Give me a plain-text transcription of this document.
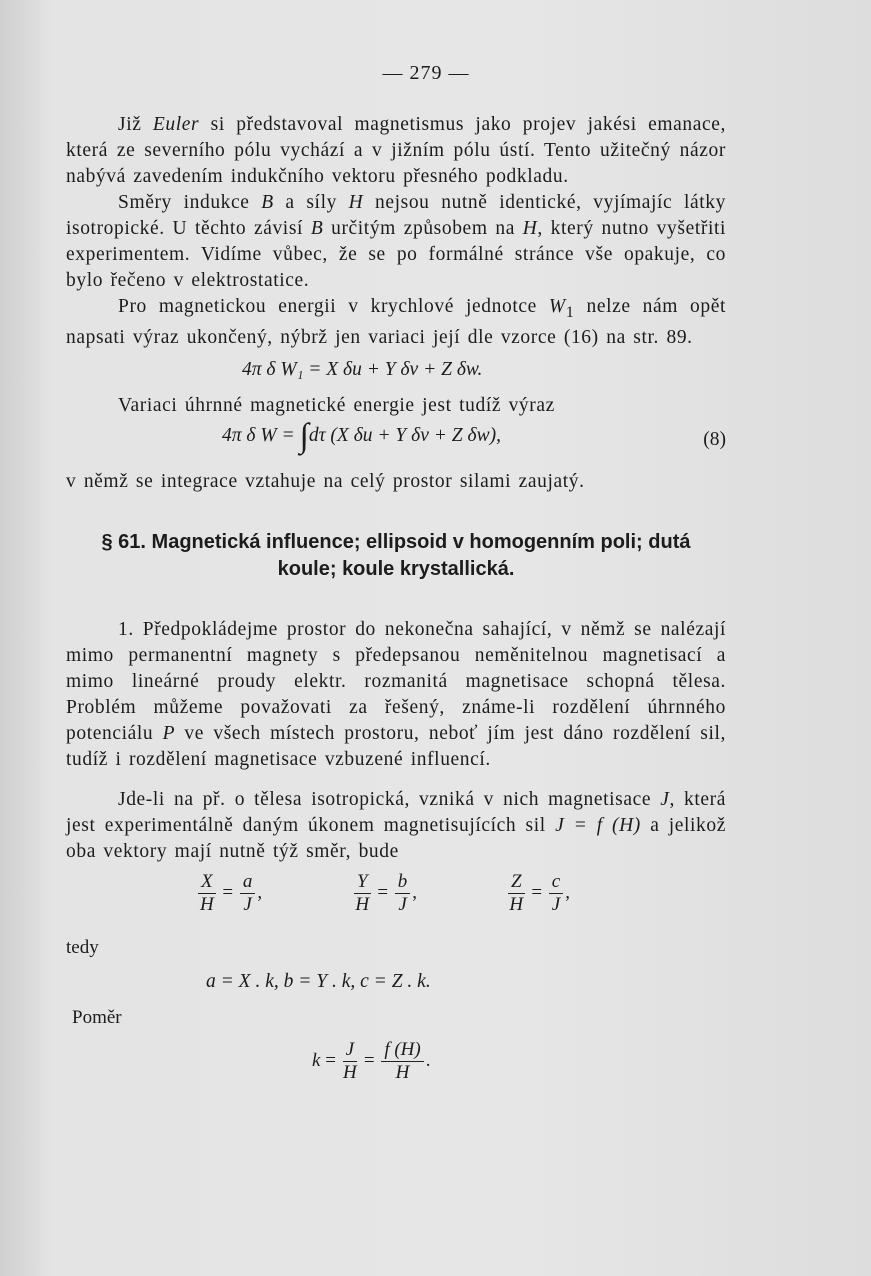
— 279 —

Již Euler si představoval magnetismus jako projev jakési emanace, která ze severního pólu vychází a v jižním pólu ústí. Tento užitečný názor nabývá zavedením indukčního vektoru přesného podkladu.

Směry indukce B a síly H nejsou nutně identické, vyjímajíc látky isotropické. U těchto závisí B určitým způsobem na H, který nutno vyšetřiti experimentem. Vidíme vůbec, že se po formálné stránce vše opakuje, co bylo řečeno v elektrostatice.

Pro magnetickou energii v krychlové jednotce $W_1$ nelze nám opět napsati výraz ukončený, nýbrž jen variaci její dle vzorce (16) na str. 89.

4π δ W₁ = X δu + Y δv + Z δw.

Variaci úhrnné magnetické energie jest tudíž výraz

4π δ W = ∫dτ (X δu + Y δv + Z δw),	(8)

v němž se integrace vztahuje na celý prostor silami zaujatý.

§ 61. Magnetická influence; ellipsoid v homogenním poli; dutá
koule; koule krystallická.

1. Předpokládejme prostor do nekonečna sahající, v němž se nalézají mimo permanentní magnety s předepsanou neměnitelnou magnetisací a mimo lineárné proudy elektr. rozmanitá magnetisace schopná tělesa. Problém můžeme považovati za řešený, známe-li rozdělení úhrnného potenciálu P ve všech místech prostoru, neboť jím jest dáno rozdělení sil, tudíž i rozdělení magnetisace vzbuzené influencí.

Jde-li na př. o tělesa isotropická, vzniká v nich magnetisace J, která jest experimentálně daným úkonem magnetisujících sil J = f (H) a jelikož oba vektory mají nutně týž směr, bude

$\frac{X}{H} = \frac{a}{J}$ ,	$\frac{Y}{H} = \frac{b}{J}$ ,	$\frac{Z}{H} = \frac{c}{J}$ ,
tedy
a = X . k, b = Y . k, c = Z . k.
Poměr
$k = \frac{J}{H} = \frac{f (H)}{H}$ .
